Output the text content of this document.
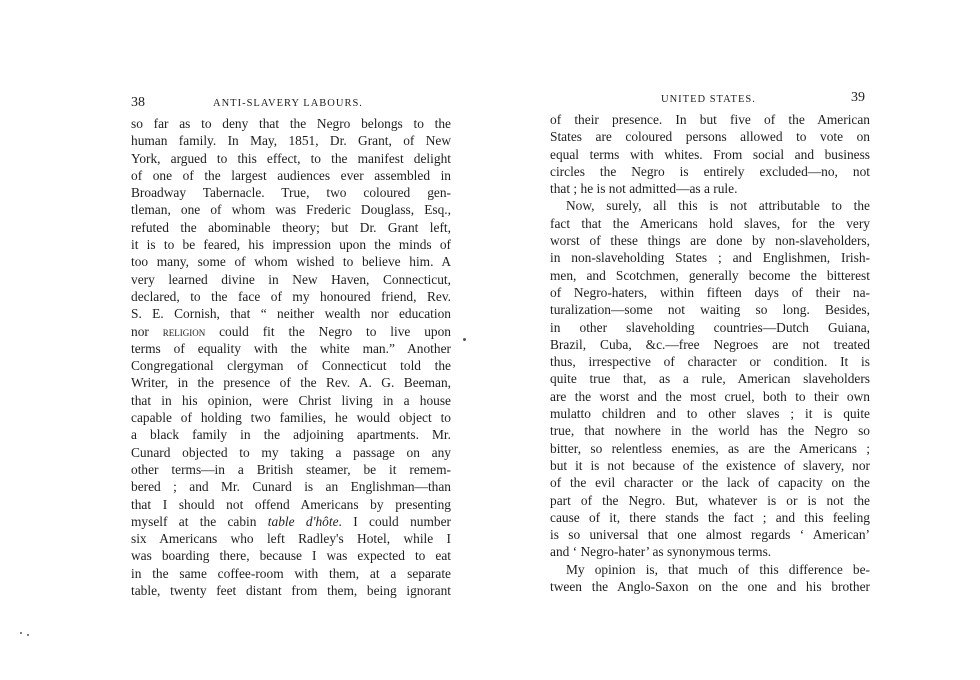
38	ANTI-SLAVERY LABOURS.
so far as to deny that the Negro belongs to the
human family. In May, 1851, Dr. Grant, of New
York, argued to this effect, to the manifest delight
of one of the largest audiences ever assembled in
Broadway Tabernacle. True, two coloured gen-
tleman, one of whom was Frederic Douglass, Esq.,
refuted the abominable theory; but Dr. Grant left,
it is to be feared, his impression upon the minds of
too many, some of whom wished to believe him. A
very learned divine in New Haven, Connecticut,
declared, to the face of my honoured friend, Rev.
S. E. Cornish, that “ neither wealth nor education
nor religion could fit the Negro to live upon
terms of equality with the white man.” Another
Congregational clergyman of Connecticut told the
Writer, in the presence of the Rev. A. G. Beeman,
that in his opinion, were Christ living in a house
capable of holding two families, he would object to
a black family in the adjoining apartments. Mr.
Cunard objected to my taking a passage on any
other terms—in a British steamer, be it remem-
bered ; and Mr. Cunard is an Englishman—than
that I should not offend Americans by presenting
myself at the cabin table d'hôte. I could number
six Americans who left Radley's Hotel, while I
was boarding there, because I was expected to eat
in the same coffee-room with them, at a separate
table, twenty feet distant from them, being ignorant
UNITED STATES.	39
of their presence. In but five of the American
States are coloured persons allowed to vote on
equal terms with whites. From social and business
circles the Negro is entirely excluded—no, not
that ; he is not admitted—as a rule.
Now, surely, all this is not attributable to the
fact that the Americans hold slaves, for the very
worst of these things are done by non-slaveholders,
in non-slaveholding States ; and Englishmen, Irish-
men, and Scotchmen, generally become the bitterest
of Negro-haters, within fifteen days of their na-
turalization—some not waiting so long. Besides,
in other slaveholding countries—Dutch Guiana,
Brazil, Cuba, &c.—free Negroes are not treated
thus, irrespective of character or condition. It is
quite true that, as a rule, American slaveholders
are the worst and the most cruel, both to their own
mulatto children and to other slaves ; it is quite
true, that nowhere in the world has the Negro so
bitter, so relentless enemies, as are the Americans ;
but it is not because of the existence of slavery, nor
of the evil character or the lack of capacity on the
part of the Negro. But, whatever is or is not the
cause of it, there stands the fact ; and this feeling
is so universal that one almost regards ‘ American’
and ‘ Negro-hater’ as synonymous terms.
My opinion is, that much of this difference be-
tween the Anglo-Saxon on the one and his brother
